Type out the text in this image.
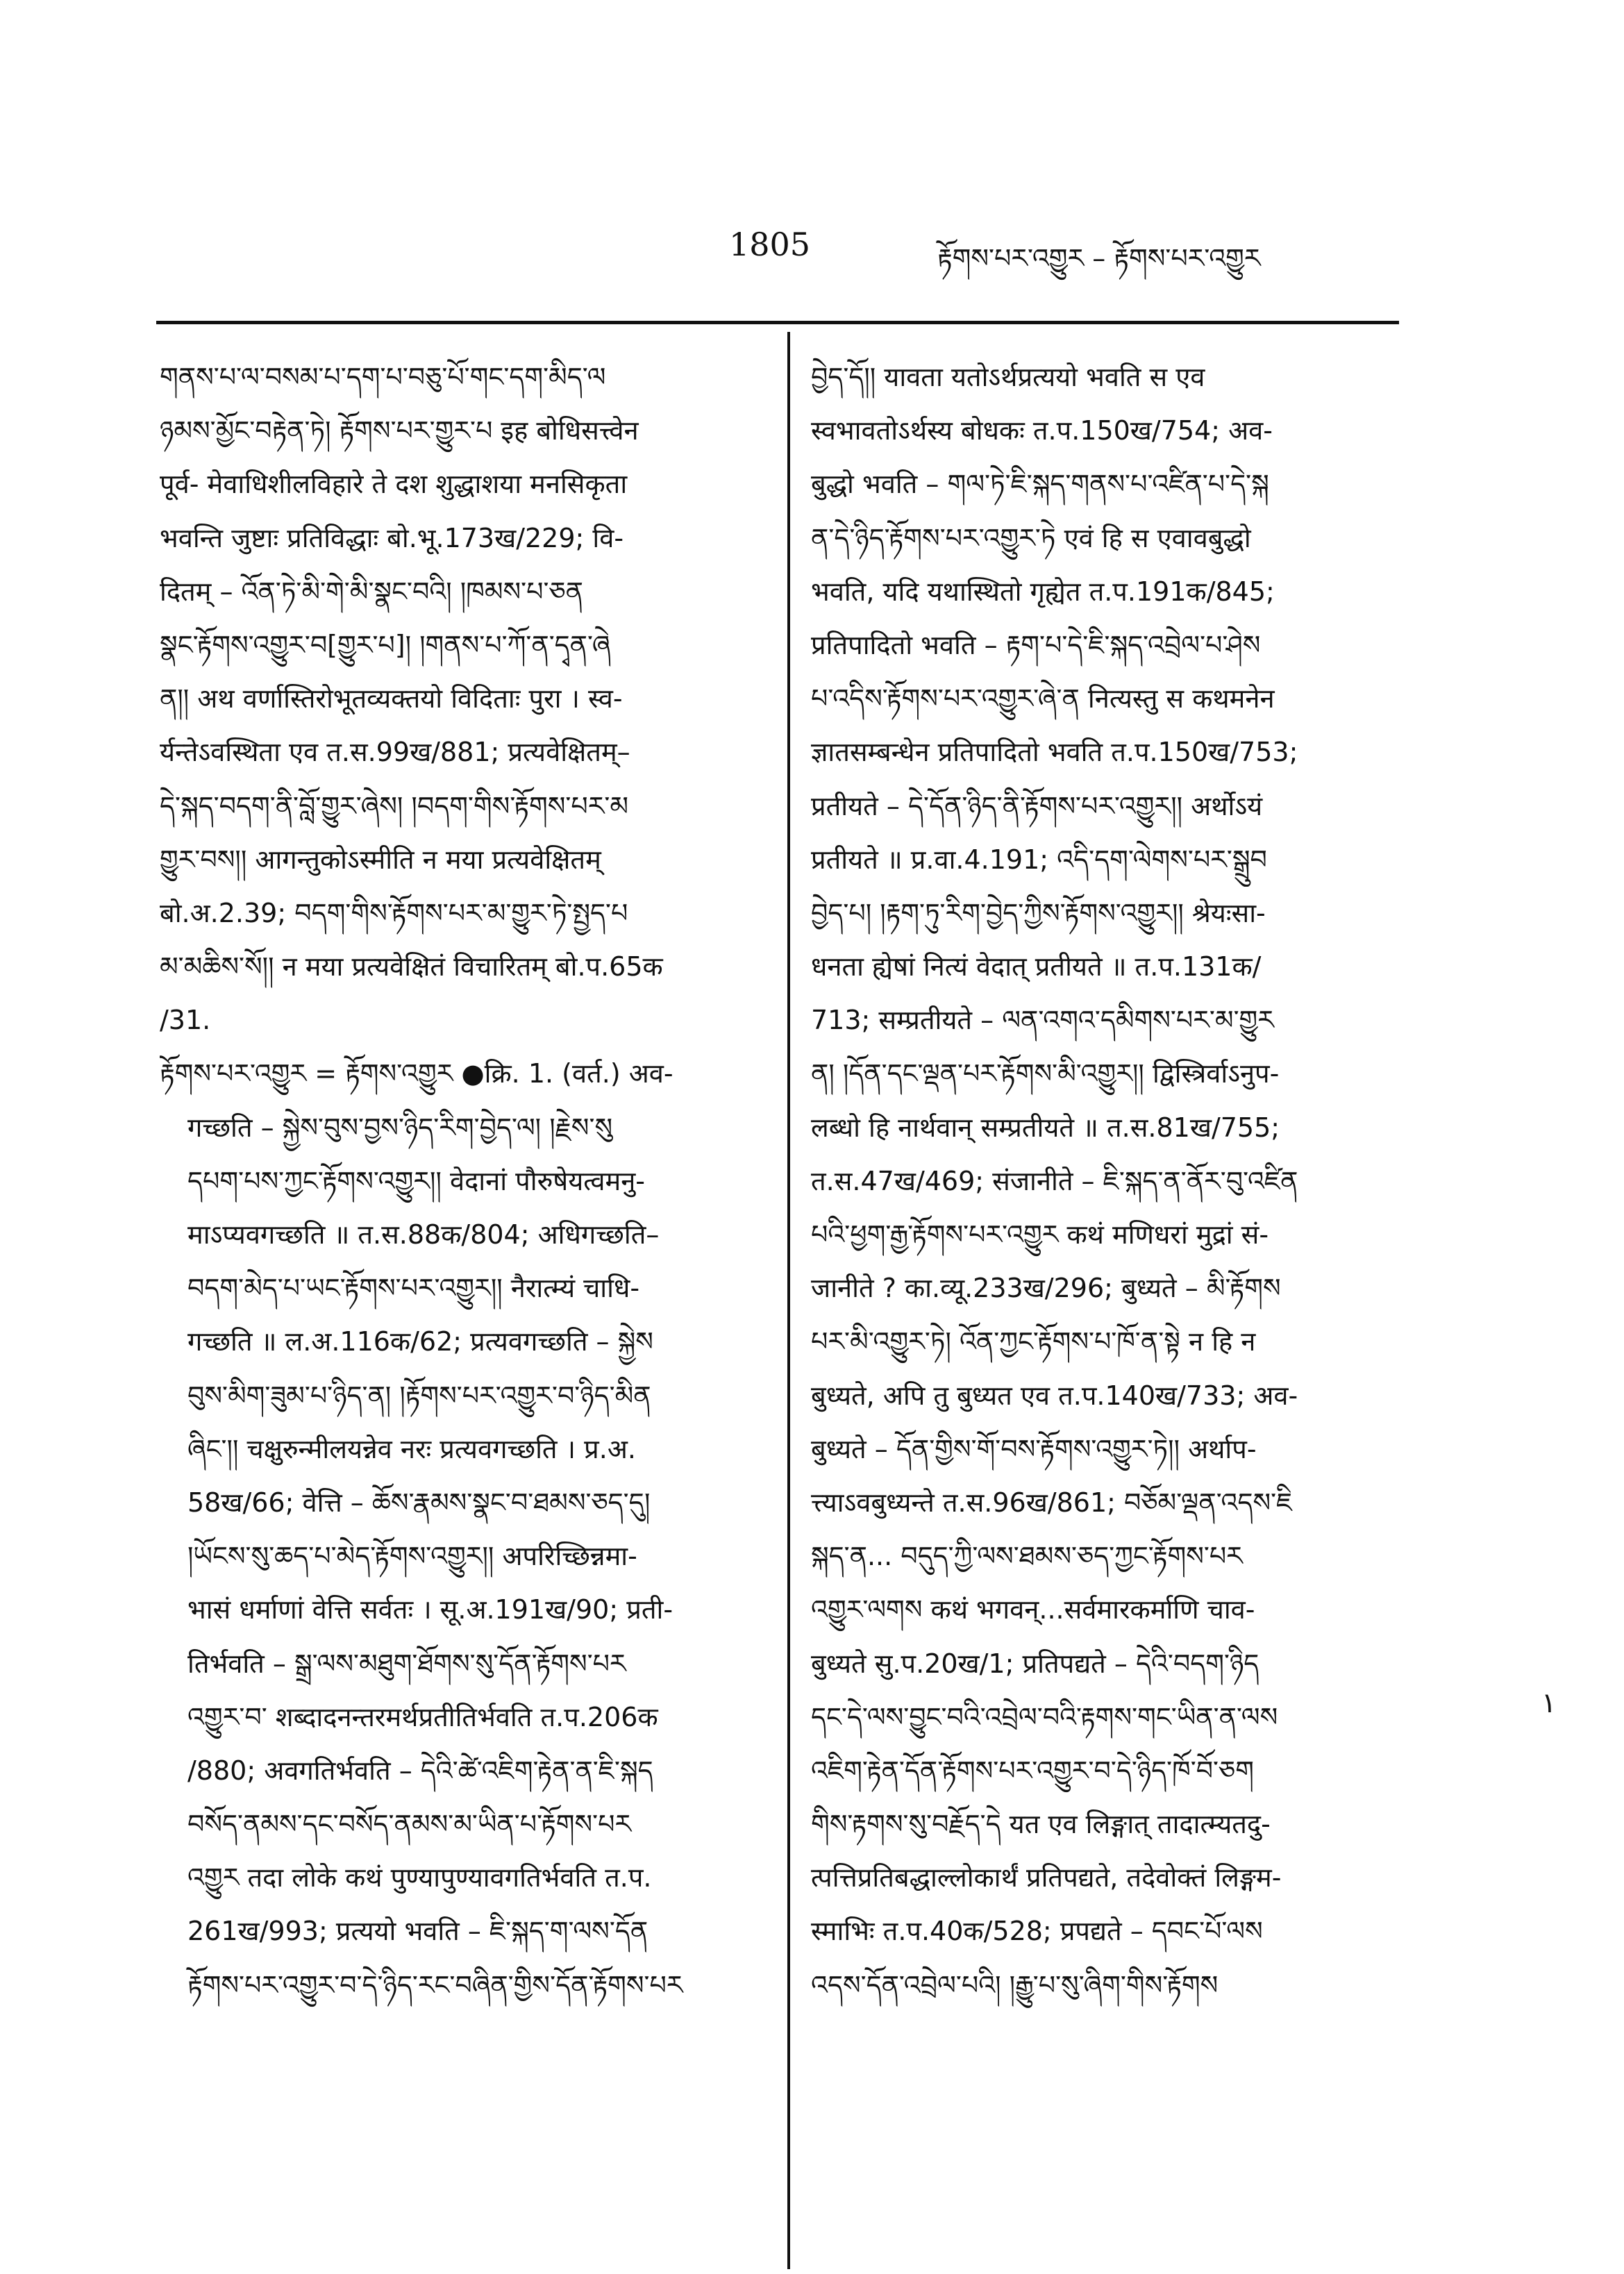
1805	རྟོགས་པར་འགྱུར – རྟོགས་པར་འགྱུར
གནས་པ་ལ་བསམ་པ་དག་པ་བཅུ་པོ་གང་དག་མིད་ལ
ཉམས་མྱོང་བརྟེན་ཏེ། རྟོགས་པར་གྱུར་པ इह बोधिसत्त्वेन
पूर्व- मेवाधिशीलविहारे ते दश शुद्धाशया मनसिकृता
भवन्ति जुष्टाः प्रतिविद्धाः बो.भू.173ख/229; वि-
दितम् – འོན་ཏེ་མི་གེ་མི་སྣང་བའི། །ཁམས་པ་ཅན
སྣང་རྟོགས་འགྱུར་བ[གྱུར་པ]། །གནས་པ་ཀོ་ན་དྭན་ཞེ
ན།། अथ वर्णास्तिरोभूतव्यक्तयो विदिताः पुरा । स्व-
र्यन्तेऽवस्थिता एव त.स.99ख/881; प्रत्यवेक्षितम्–
དེ་སྐད་བདག་ནི་བློ་གྱུར་ཞེས། །བདག་གིས་རྟོགས་པར་མ
གྱུར་བས།། आगन्तुकोऽस्मीति न मया प्रत्यवेक्षितम्
बो.अ.2.39; བདག་གིས་རྟོགས་པར་མ་གྱུར་ཏེ་སྤྱད་པ
མ་མཆིས་སོ།། न मया प्रत्यवेक्षितं विचारितम् बो.प.65क
/31.
རྟོགས་པར་འགྱུར = རྟོགས་འགྱུར ●क्रि. 1. (वर्त.) अव-
गच्छति – སྐྱེས་བུས་བྱས་ཉིད་རིག་བྱེད་ལ། །རྗེས་སུ
དཔག་པས་ཀྱང་རྟོགས་འགྱུར།། वेदानां पौरुषेयत्वमनु-
माऽप्यवगच्छति ॥ त.स.88क/804; अधिगच्छति–
བདག་མེད་པ་ཡང་རྟོགས་པར་འགྱུར།། नैरात्म्यं चाधि-
गच्छति ॥ ल.अ.116क/62; प्रत्यवगच्छति – སྐྱེས
བུས་མིག་ཟུམ་པ་ཉིད་ན། །རྟོགས་པར་འགྱུར་བ་ཉིད་མིན
ཞིང་།། चक्षुरुन्मीलयन्नेव नरः प्रत्यवगच्छति । प्र.अ.
58ख/66; वेत्ति – ཆོས་རྣམས་སྣང་བ་ཐམས་ཅད་དུ།
།ཡོངས་སུ་ཆད་པ་མེད་རྟོགས་འགྱུར།། अपरिच्छिन्नमा-
भासं धर्माणां वेत्ति सर्वतः । सू.अ.191ख/90; प्रती-
तिर्भवति – སྒྲ་ལས་མཐུག་ཐོགས་སུ་དོན་རྟོགས་པར
འགྱུར་བ་ शब्दादनन्तरमर्थप्रतीतिर्भवति त.प.206क
/880; अवगतिर्भवति – དེའི་ཚེ་འཇིག་རྟེན་ན་ཇི་སྐད
བསོད་ནམས་དང་བསོད་ནམས་མ་ཡིན་པ་རྟོགས་པར
འགྱུར तदा लोके कथं पुण्यापुण्यावगतिर्भवति त.प.
261ख/993; प्रत्ययो भवति – ཇི་སྐད་ག་ལས་དོན
རྟོགས་པར་འགྱུར་བ་དེ་ཉིད་རང་བཞིན་གྱིས་དོན་རྟོགས་པར
བྱེད་དོ།། यावता यतोऽर्थप्रत्ययो भवति स एव
स्वभावतोऽर्थस्य बोधकः त.प.150ख/754; अव-
बुद्धो भवति – གལ་ཏེ་ཇི་སྐད་གནས་པ་འཛིན་པ་དེ་སྐ
ན་དེ་ཉིད་རྟོགས་པར་འགྱུར་ཏེ एवं हि स एवावबुद्धो
भवति, यदि यथास्थितो गृह्येत त.प.191क/845;
प्रतिपादितो भवति – རྟག་པ་དེ་ཇི་སྐད་འབྲེལ་པ་ཤེས
པ་འདིས་རྟོགས་པར་འགྱུར་ཞེ་ན नित्यस्तु स कथमनेन
ज्ञातसम्बन्धेन प्रतिपादितो भवति त.प.150ख/753;
प्रतीयते – དེ་དོན་ཉིད་ནི་རྟོགས་པར་འགྱུར།། अर्थोऽयं
प्रतीयते ॥ प्र.वा.4.191; འདི་དག་ལེགས་པར་སྒྲུབ
བྱེད་པ། །རྟག་ཏུ་རིག་བྱེད་ཀྱིས་རྟོགས་འགྱུར།། श्रेयःसा-
धनता ह्येषां नित्यं वेदात् प्रतीयते ॥ त.प.131क/
713; सम्प्रतीयते – ལན་འགའ་དམིགས་པར་མ་གྱུར
ན། །དོན་དང་ལྡན་པར་རྟོགས་མི་འགྱུར།། द्विस्त्रिर्वाऽनुप-
लब्धो हि नार्थवान् सम्प्रतीयते ॥ त.स.81ख/755;
त.स.47ख/469; संजानीते – ཇི་སྐད་ན་ནོར་བུ་འཛིན
པའི་ཕྱག་རྒྱ་རྟོགས་པར་འགྱུར कथं मणिधरां मुद्रां सं-
जानीते ? का.व्यू.233ख/296; बुध्यते – མི་རྟོགས
པར་མི་འགྱུར་ཏེ། འོན་ཀྱང་རྟོགས་པ་ཁོ་ན་སྟེ न हि न
बुध्यते, अपि तु बुध्यत एव त.प.140ख/733; अव-
बुध्यते – དོན་གྱིས་གོ་བས་རྟོགས་འགྱུར་ཏེ།། अर्थाप-
त्त्याऽवबुध्यन्ते त.स.96ख/861; བཅོམ་ལྡན་འདས་ཇི
སྐད་ན... བདུད་ཀྱི་ལས་ཐམས་ཅད་ཀྱང་རྟོགས་པར
འགྱུར་ལགས कथं भगवन्...सर्वमारकर्माणि चाव-
बुध्यते सु.प.20ख/1; प्रतिपद्यते – དེའི་བདག་ཉིད
དང་དེ་ལས་བྱུང་བའི་འབྲེལ་བའི་རྟགས་གང་ཡིན་ན་ལས
འཇིག་རྟེན་དོན་རྟོགས་པར་འགྱུར་བ་དེ་ཉིད་ཁོ་བོ་ཅག
གིས་རྟགས་སུ་བརྗོད་དེ यत एव लिङ्गात् तादात्म्यतदु-
त्पत्तिप्रतिबद्धाल्लोकार्थं प्रतिपद्यते, तदेवोक्तं लिङ्गम-
स्माभिः त.प.40क/528; प्रपद्यते – དབང་པོ་ལས
འདས་དོན་འབྲེལ་པའི། །རྒྱུ་པ་སུ་ཞིག་གིས་རྟོགས
۱
